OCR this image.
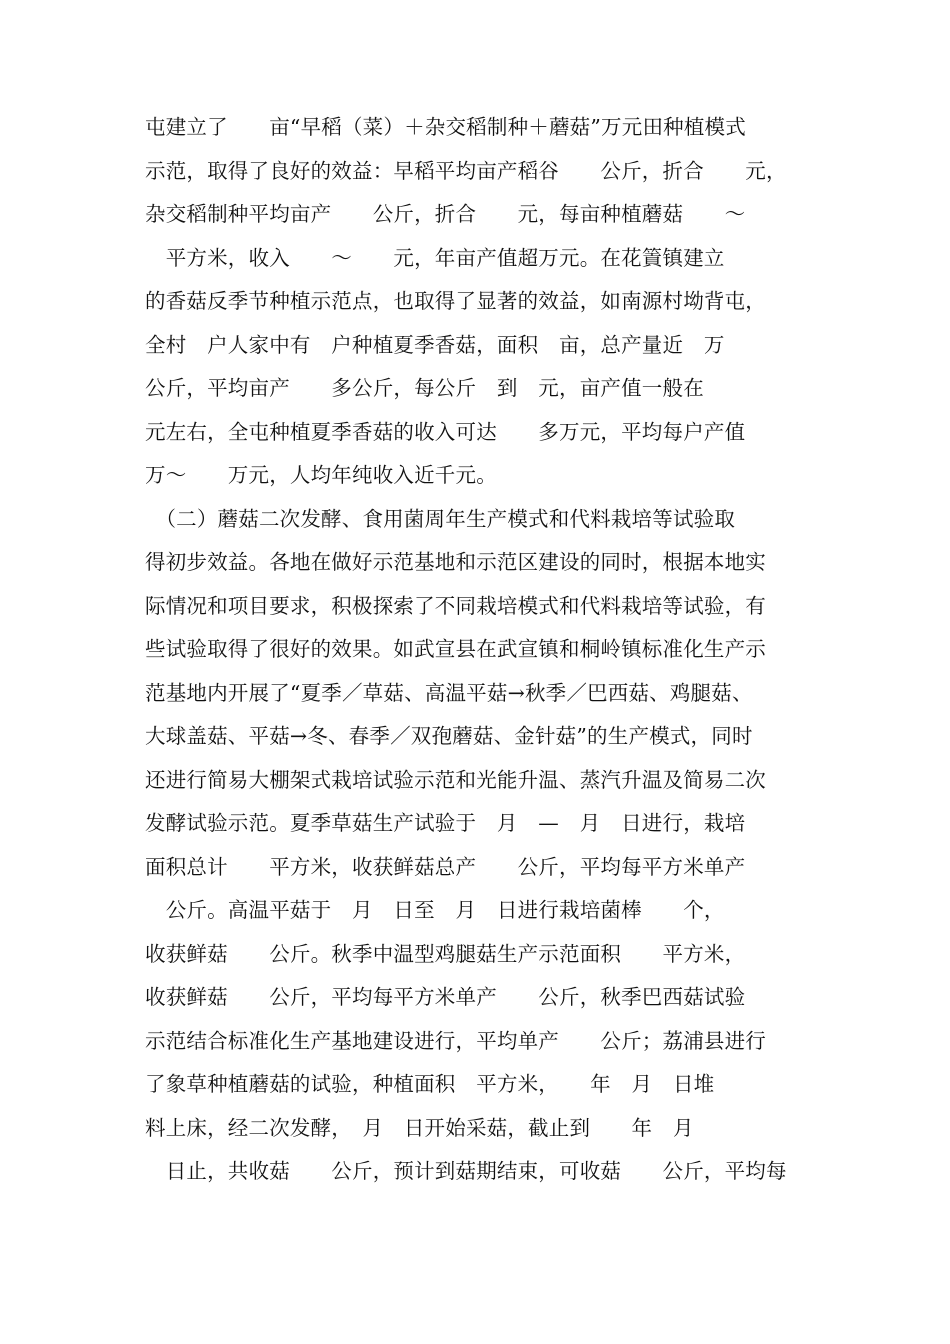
屯建立了　　亩“早稻（菜）＋杂交稻制种＋蘑菇”万元田种植模式
示范，取得了良好的效益：早稻平均亩产稻谷　　公斤，折合　　元，
杂交稻制种平均亩产　　公斤，折合　　元，每亩种植蘑菇　　～
　平方米，收入　　～　　元，年亩产值超万元。在花篢镇建立
的香菇反季节种植示范点，也取得了显著的效益，如南源村坳背屯，
全村　户人家中有　户种植夏季香菇，面积　亩，总产量近　万
公斤，平均亩产　　多公斤，每公斤　到　元，亩产值一般在
元左右，全屯种植夏季香菇的收入可达　　多万元，平均每户产值
万～　　万元，人均年纯收入近千元。
　（二）蘑菇二次发酵、食用菌周年生产模式和代料栽培等试验取
得初步效益。各地在做好示范基地和示范区建设的同时，根据本地实
际情况和项目要求，积极探索了不同栽培模式和代料栽培等试验，有
些试验取得了很好的效果。如武宣县在武宣镇和桐岭镇标准化生产示
范基地内开展了“夏季／草菇、高温平菇→秋季／巴西菇、鸡腿菇、
大球盖菇、平菇→冬、春季／双孢蘑菇、金针菇”的生产模式，同时
还进行简易大棚架式栽培试验示范和光能升温、蒸汽升温及简易二次
发酵试验示范。夏季草菇生产试验于　月　—　月　日进行，栽培
面积总计　　平方米，收获鲜菇总产　　公斤，平均每平方米单产
　公斤。高温平菇于　月　日至　月　日进行栽培菌棒　　个，
收获鲜菇　　公斤。秋季中温型鸡腿菇生产示范面积　　平方米，
收获鲜菇　　公斤，平均每平方米单产　　公斤，秋季巴西菇试验
示范结合标准化生产基地建设进行，平均单产　　公斤；荔浦县进行
了象草种植蘑菇的试验，种植面积　平方米，　　年　月　日堆
料上床，经二次发酵，　月　日开始采菇，截止到　　年　月
　日止，共收菇　　公斤，预计到菇期结束，可收菇　　公斤，平均每
